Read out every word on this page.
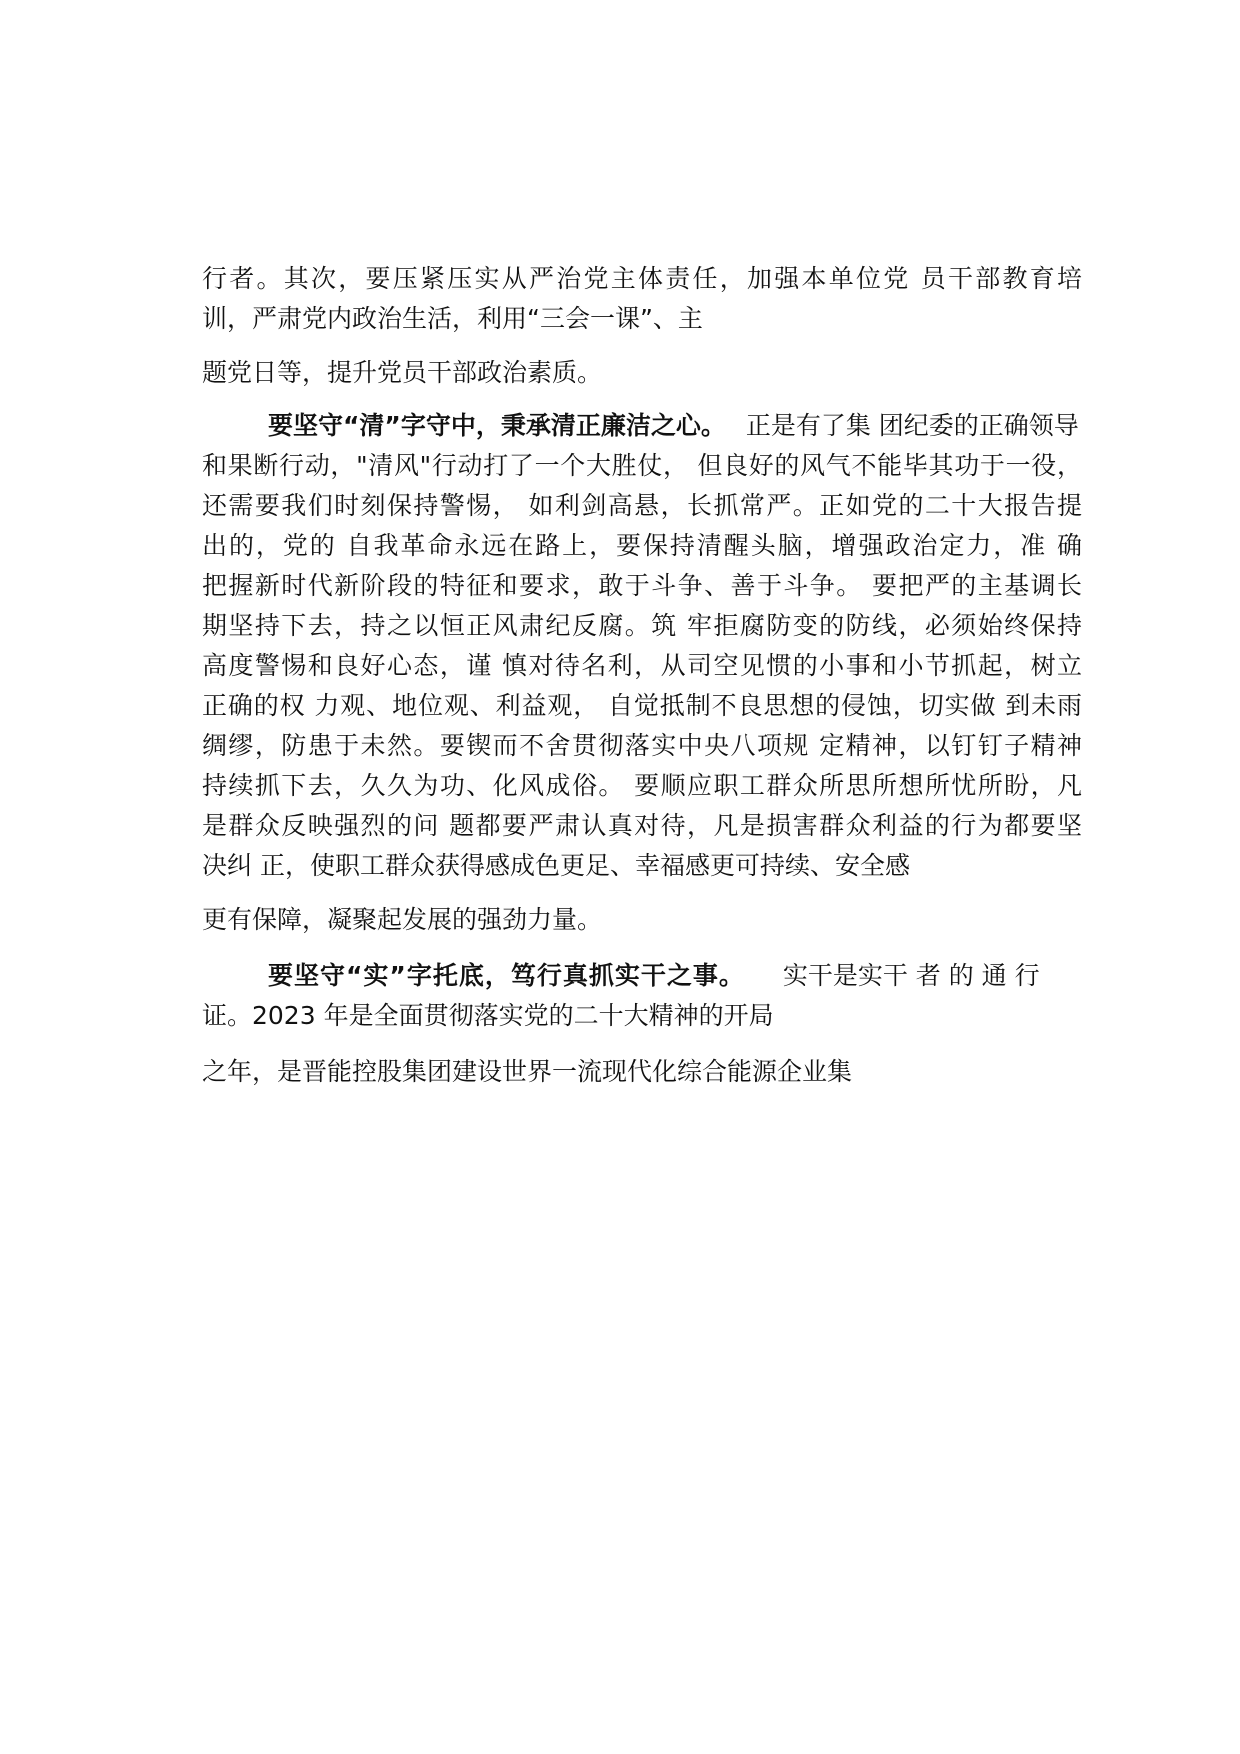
行者。其次，要压紧压实从严治党主体责任，加强本单位党 员干部教育培
训，严肃党内政治生活，利用“三会一课”、主
题党日等，提升党员干部政治素质。
要坚守“清”字守中，秉承清正廉洁之心。 正是有了集 团纪委的正确领导
和果断行动，"清风"行动打了一个大胜仗， 但良好的风气不能毕其功于一役，
还需要我们时刻保持警惕， 如利剑高悬，长抓常严。正如党的二十大报告提
出的，党的 自我革命永远在路上，要保持清醒头脑，增强政治定力，准 确
把握新时代新阶段的特征和要求，敢于斗争、善于斗争。 要把严的主基调长
期坚持下去，持之以恒正风肃纪反腐。筑 牢拒腐防变的防线，必须始终保持
高度警惕和良好心态，谨 慎对待名利，从司空见惯的小事和小节抓起，树立
正确的权 力观、地位观、利益观， 自觉抵制不良思想的侵蚀，切实做 到未雨
绸缪，防患于未然。要锲而不舍贯彻落实中央八项规 定精神，以钉钉子精神
持续抓下去，久久为功、化风成俗。 要顺应职工群众所思所想所忧所盼，凡
是群众反映强烈的问 题都要严肃认真对待，凡是损害群众利益的行为都要坚
决纠 正，使职工群众获得感成色更足、幸福感更可持续、安全感
更有保障，凝聚起发展的强劲力量。
要坚守“实”字托底，笃行真抓实干之事。 实干是实干 者 的 通 行
证。2023 年是全面贯彻落实党的二十大精神的开局
之年，是晋能控股集团建设世界一流现代化综合能源企业集
